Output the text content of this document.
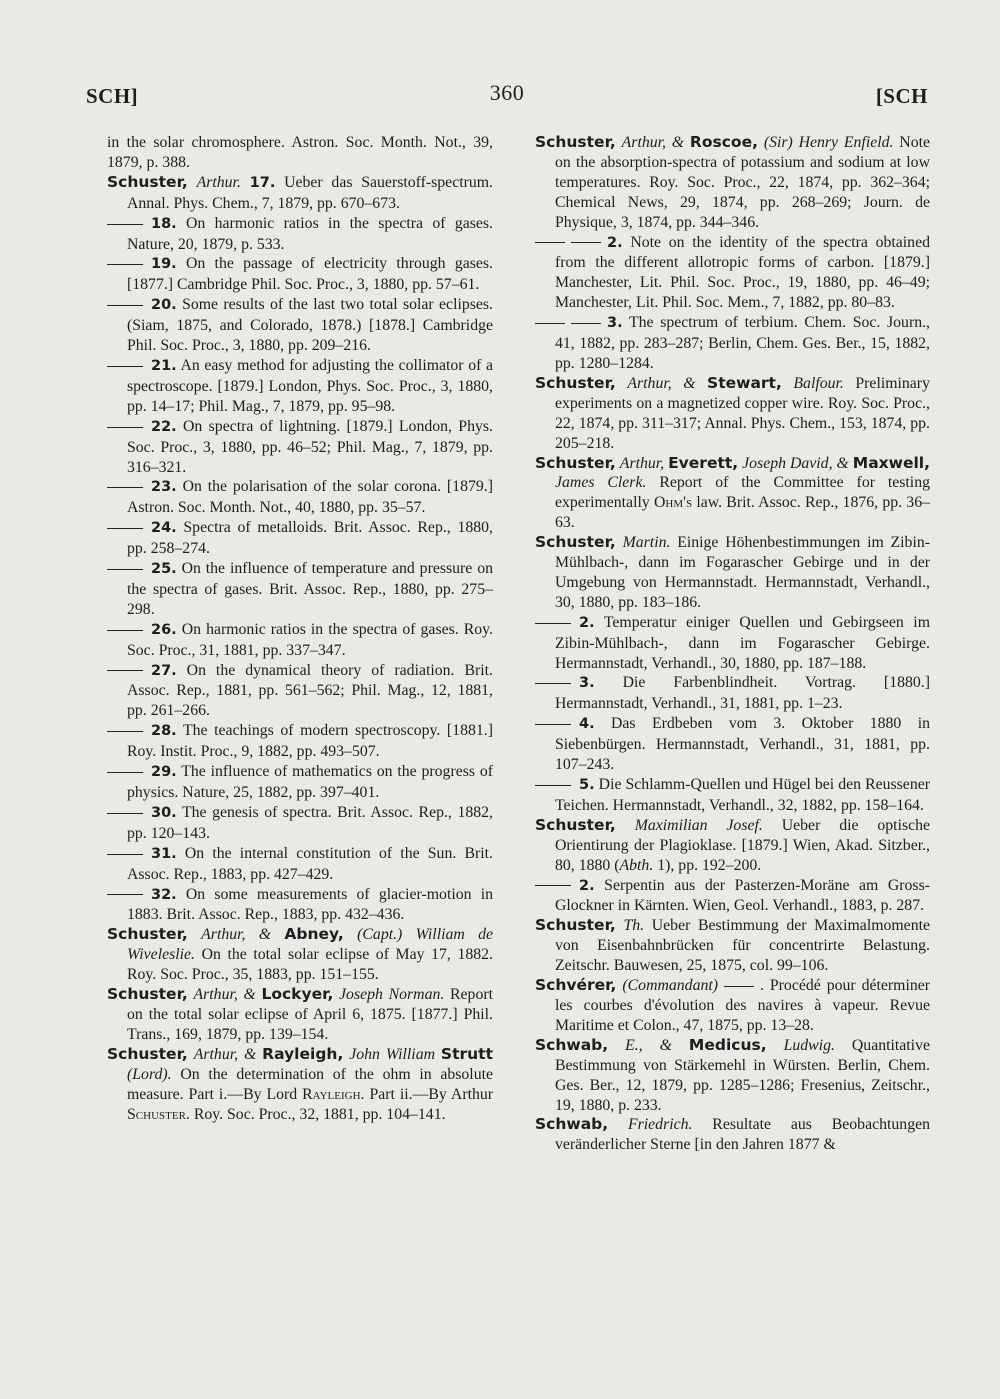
SCH]	360	[SCH

in the solar chromosphere. Astron. Soc. Month. Not., 39, 1879, p. 388.

Schuster, Arthur. 17. Ueber das Sauerstoff-spectrum. Annal. Phys. Chem., 7, 1879, pp. 670–673.

18. On harmonic ratios in the spectra of gases. Nature, 20, 1879, p. 533.

19. On the passage of electricity through gases. [1877.] Cambridge Phil. Soc. Proc., 3, 1880, pp. 57–61.

20. Some results of the last two total solar eclipses. (Siam, 1875, and Colorado, 1878.) [1878.] Cambridge Phil. Soc. Proc., 3, 1880, pp. 209–216.

21. An easy method for adjusting the collimator of a spectroscope. [1879.] London, Phys. Soc. Proc., 3, 1880, pp. 14–17; Phil. Mag., 7, 1879, pp. 95–98.

22. On spectra of lightning. [1879.] London, Phys. Soc. Proc., 3, 1880, pp. 46–52; Phil. Mag., 7, 1879, pp. 316–321.

23. On the polarisation of the solar corona. [1879.] Astron. Soc. Month. Not., 40, 1880, pp. 35–57.

24. Spectra of metalloids. Brit. Assoc. Rep., 1880, pp. 258–274.

25. On the influence of temperature and pressure on the spectra of gases. Brit. Assoc. Rep., 1880, pp. 275–298.

26. On harmonic ratios in the spectra of gases. Roy. Soc. Proc., 31, 1881, pp. 337–347.

27. On the dynamical theory of radiation. Brit. Assoc. Rep., 1881, pp. 561–562; Phil. Mag., 12, 1881, pp. 261–266.

28. The teachings of modern spectroscopy. [1881.] Roy. Instit. Proc., 9, 1882, pp. 493–507.

29. The influence of mathematics on the progress of physics. Nature, 25, 1882, pp. 397–401.

30. The genesis of spectra. Brit. Assoc. Rep., 1882, pp. 120–143.

31. On the internal constitution of the Sun. Brit. Assoc. Rep., 1883, pp. 427–429.

32. On some measurements of glacier-motion in 1883. Brit. Assoc. Rep., 1883, pp. 432–436.

Schuster, Arthur, & Abney, (Capt.) William de Wiveleslie. On the total solar eclipse of May 17, 1882. Roy. Soc. Proc., 35, 1883, pp. 151–155.

Schuster, Arthur, & Lockyer, Joseph Norman. Report on the total solar eclipse of April 6, 1875. [1877.] Phil. Trans., 169, 1879, pp. 139–154.

Schuster, Arthur, & Rayleigh, John William Strutt (Lord). On the determination of the ohm in absolute measure. Part i.—By Lord Rayleigh. Part ii.—By Arthur Schuster. Roy. Soc. Proc., 32, 1881, pp. 104–141.

Schuster, Arthur, & Roscoe, (Sir) Henry Enfield. Note on the absorption-spectra of potassium and sodium at low temperatures. Roy. Soc. Proc., 22, 1874, pp. 362–364; Chemical News, 29, 1874, pp. 268–269; Journ. de Physique, 3, 1874, pp. 344–346.

2. Note on the identity of the spectra obtained from the different allotropic forms of carbon. [1879.] Manchester, Lit. Phil. Soc. Proc., 19, 1880, pp. 46–49; Manchester, Lit. Phil. Soc. Mem., 7, 1882, pp. 80–83.

3. The spectrum of terbium. Chem. Soc. Journ., 41, 1882, pp. 283–287; Berlin, Chem. Ges. Ber., 15, 1882, pp. 1280–1284.

Schuster, Arthur, & Stewart, Balfour. Preliminary experiments on a magnetized copper wire. Roy. Soc. Proc., 22, 1874, pp. 311–317; Annal. Phys. Chem., 153, 1874, pp. 205–218.

Schuster, Arthur, Everett, Joseph David, & Maxwell, James Clerk. Report of the Committee for testing experimentally Ohm's law. Brit. Assoc. Rep., 1876, pp. 36–63.

Schuster, Martin. Einige Höhenbestimmungen im Zibin-Mühlbach-, dann im Fogarascher Gebirge und in der Umgebung von Hermannstadt. Hermannstadt, Verhandl., 30, 1880, pp. 183–186.

2. Temperatur einiger Quellen und Gebirgseen im Zibin-Mühlbach-, dann im Fogarascher Gebirge. Hermannstadt, Verhandl., 30, 1880, pp. 187–188.

3. Die Farbenblindheit. Vortrag. [1880.] Hermannstadt, Verhandl., 31, 1881, pp. 1–23.

4. Das Erdbeben vom 3. Oktober 1880 in Siebenbürgen. Hermannstadt, Verhandl., 31, 1881, pp. 107–243.

5. Die Schlamm-Quellen und Hügel bei den Reussener Teichen. Hermannstadt, Verhandl., 32, 1882, pp. 158–164.

Schuster, Maximilian Josef. Ueber die optische Orientirung der Plagioklase. [1879.] Wien, Akad. Sitzber., 80, 1880 (Abth. 1), pp. 192–200.

2. Serpentin aus der Pasterzen-Moräne am Gross-Glockner in Kärnten. Wien, Geol. Verhandl., 1883, p. 287.

Schuster, Th. Ueber Bestimmung der Maximalmomente von Eisenbahnbrücken für concentrirte Belastung. Zeitschr. Bauwesen, 25, 1875, col. 99–106.

Schvérer, (Commandant)	. Procédé pour déterminer les courbes d'évolution des navires à vapeur. Revue Maritime et Colon., 47, 1875, pp. 13–28.

Schwab, E., & Medicus, Ludwig. Quantitative Bestimmung von Stärkemehl in Würsten. Berlin, Chem. Ges. Ber., 12, 1879, pp. 1285–1286; Fresenius, Zeitschr., 19, 1880, p. 233.

Schwab, Friedrich. Resultate aus Beobachtungen veränderlicher Sterne [in den Jahren 1877 &
